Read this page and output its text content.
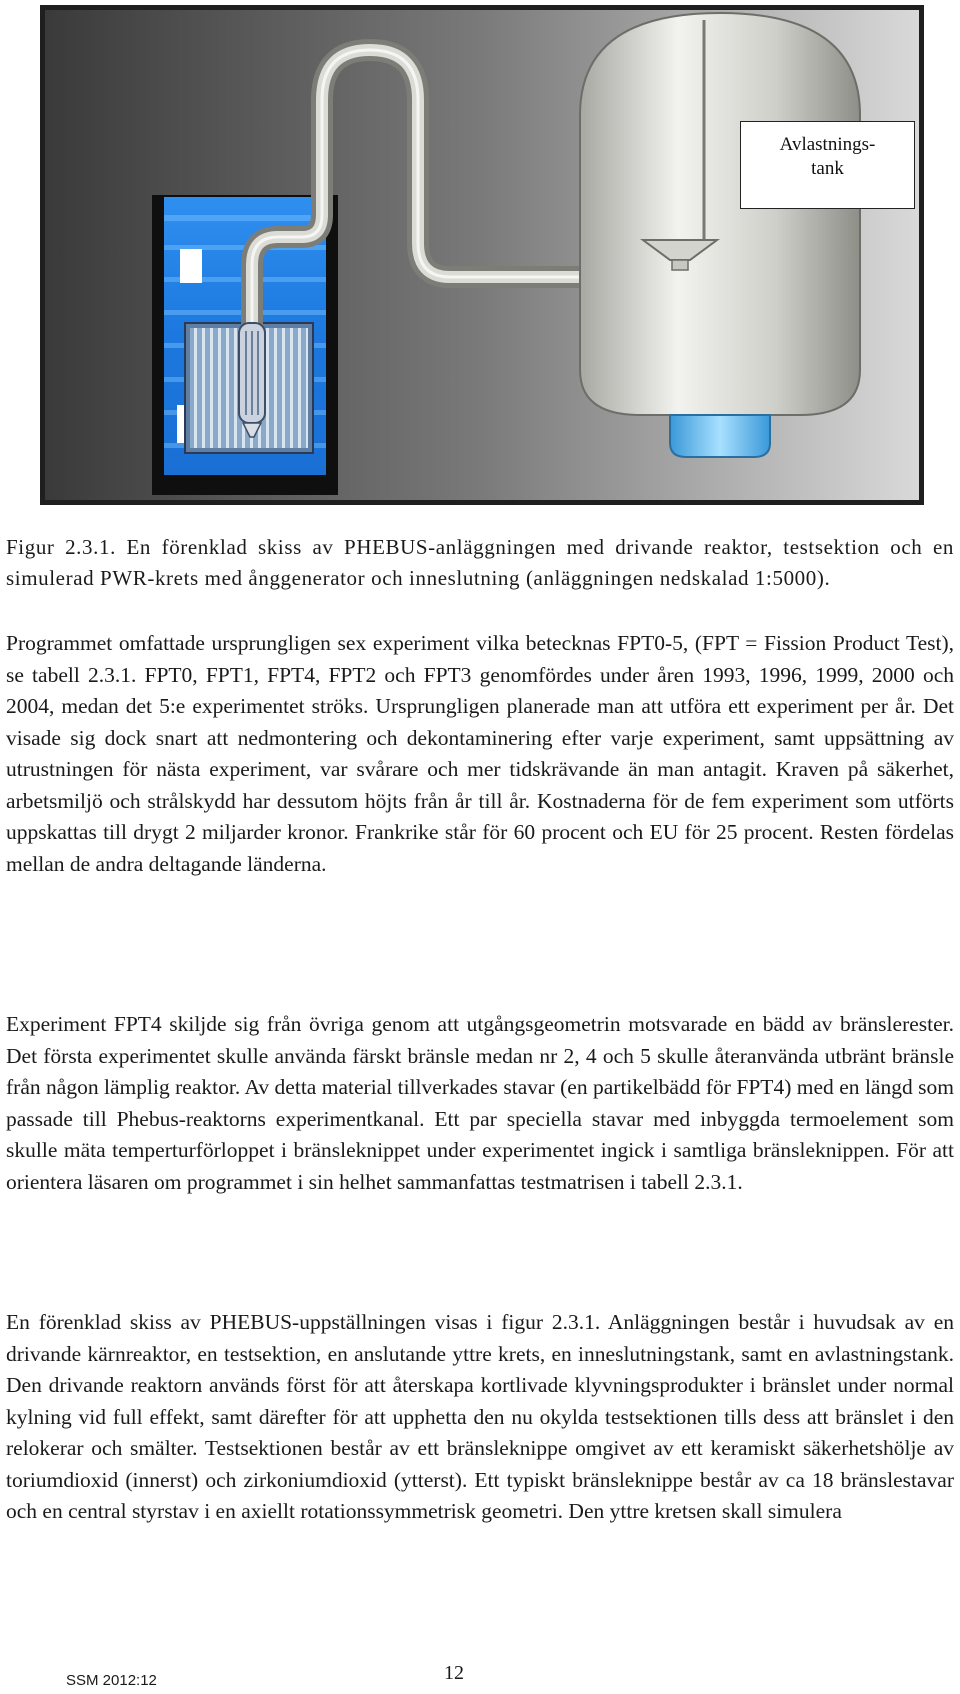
Avlastnings-
tank
Figur 2.3.1. En förenklad skiss av PHEBUS-anläggningen med drivande reaktor, testsektion och en simulerad PWR-krets med ånggenerator och inneslutning (anläggningen nedskalad 1:5000).

Programmet omfattade ursprungligen sex experiment vilka betecknas FPT0-5, (FPT = Fission Product Test), se tabell 2.3.1. FPT0, FPT1, FPT4, FPT2 och FPT3 genomfördes under åren 1993, 1996, 1999, 2000 och 2004, medan det 5:e experimentet ströks. Ursprungligen planerade man att utföra ett experiment per år. Det visade sig dock snart att nedmontering och dekontaminering efter varje experiment, samt uppsättning av utrustningen för nästa experiment, var svårare och mer tidskrävande än man antagit. Kraven på säkerhet, arbetsmiljö och strålskydd har dessutom höjts från år till år. Kostnaderna för de fem experiment som utförts uppskattas till drygt 2 miljarder kronor. Frankrike står för 60 procent och EU för 25 procent. Resten fördelas mellan de andra deltagande länderna.

Experiment FPT4 skiljde sig från övriga genom att utgångsgeometrin motsvarade en bädd av bränslerester. Det första experimentet skulle använda färskt bränsle medan nr 2, 4 och 5 skulle återanvända utbränt bränsle från någon lämplig reaktor. Av detta material tillverkades stavar (en partikelbädd för FPT4) med en längd som passade till Phebus-reaktorns experimentkanal. Ett par speciella stavar med inbyggda termoelement som skulle mäta temperturförloppet i bränsleknippet under experimentet ingick i samtliga bränsleknippen. För att orientera läsaren om programmet i sin helhet sammanfattas testmatrisen i tabell 2.3.1.

En förenklad skiss av PHEBUS-uppställningen visas i figur 2.3.1. Anläggningen består i huvudsak av en drivande kärnreaktor, en testsektion, en anslutande yttre krets, en inneslutningstank, samt en avlastningstank. Den drivande reaktorn används först för att återskapa kortlivade klyvningsprodukter i bränslet under normal kylning vid full effekt, samt därefter för att upphetta den nu okylda testsektionen tills dess att bränslet i den relokerar och smälter. Testsektionen består av ett bränsleknippe omgivet av ett keramiskt säkerhetshölje av toriumdioxid (innerst) och zirkoniumdioxid (ytterst). Ett typiskt bränsleknippe består av ca 18 bränslestavar och en central styrstav i en axiellt rotationssymmetrisk geometri. Den yttre kretsen skall simulera

SSM 2012:12	12
